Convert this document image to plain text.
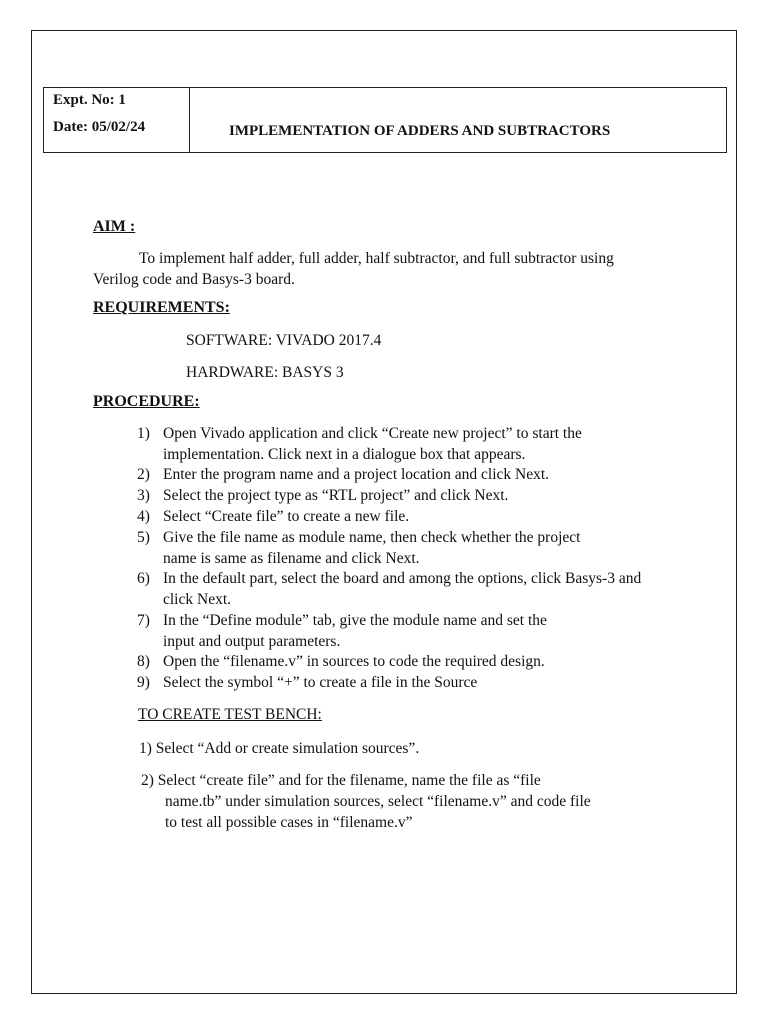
Expt. No: 1
Date: 05/02/24	IMPLEMENTATION OF ADDERS AND SUBTRACTORS
AIM :
To implement half adder, full adder, half subtractor, and full subtractor using
Verilog code and Basys-3 board.
REQUIREMENTS:
SOFTWARE: VIVADO 2017.4
HARDWARE: BASYS 3
PROCEDURE:
1) Open Vivado application and click “Create new project” to start the
implementation. Click next in a dialogue box that appears.
2) Enter the program name and a project location and click Next.
3) Select the project type as “RTL project” and click Next.
4) Select “Create file” to create a new file.
5) Give the file name as module name, then check whether the project
name is same as filename and click Next.
6) In the default part, select the board and among the options, click Basys-3 and
click Next.
7) In the “Define module” tab, give the module name and set the
input and output parameters.
8) Open the “filename.v” in sources to code the required design.
9) Select the symbol “+” to create a file in the Source
TO CREATE TEST BENCH:
1) Select “Add or create simulation sources”.
2) Select “create file” and for the filename, name the file as “file
name.tb” under simulation sources, select “filename.v” and code file
to test all possible cases in “filename.v”
